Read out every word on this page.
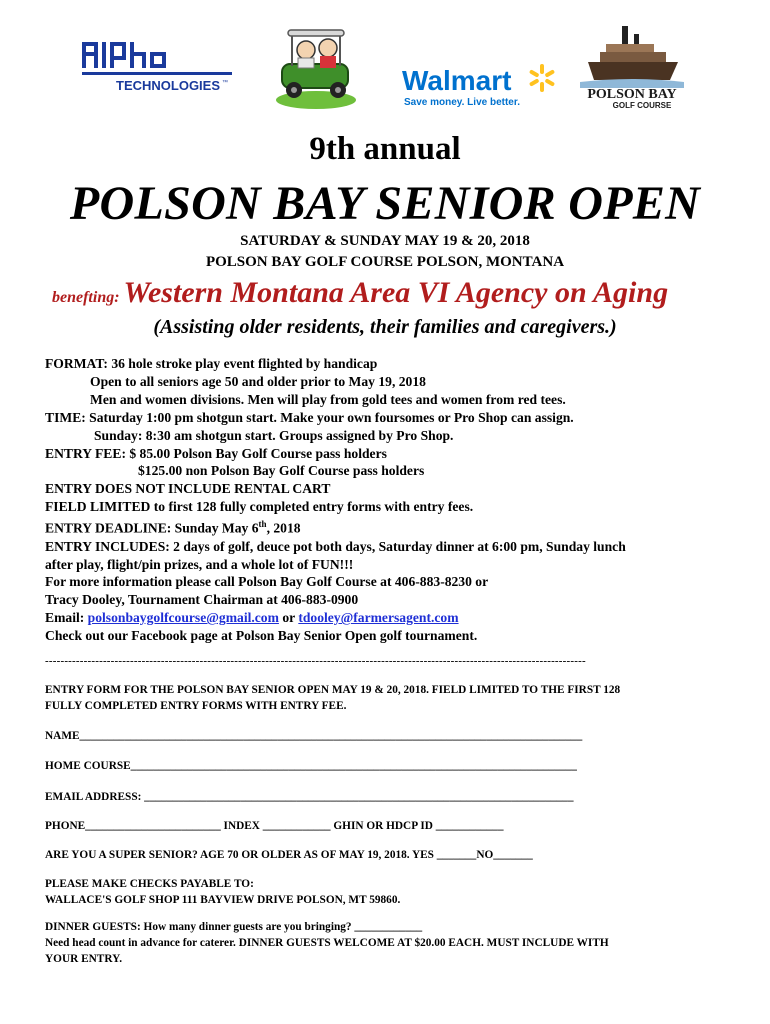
TECHNOLOGIES ™	Walmart
Save money. Live better.
POLSON BAY
GOLF COURSE
9th annual
POLSON BAY SENIOR OPEN
SATURDAY & SUNDAY MAY 19 & 20, 2018
POLSON BAY GOLF COURSE POLSON, MONTANA
benefting: Western Montana Area VI Agency on Aging
(Assisting older residents, their families and caregivers.)
FORMAT: 36 hole stroke play event flighted by handicap
Open to all seniors age 50 and older prior to May 19, 2018
Men and women divisions. Men will play from gold tees and women from red tees.
TIME: Saturday 1:00 pm shotgun start. Make your own foursomes or Pro Shop can assign.
Sunday: 8:30 am shotgun start. Groups assigned by Pro Shop.
ENTRY FEE: $ 85.00 Polson Bay Golf Course pass holders
$125.00 non Polson Bay Golf Course pass holders
ENTRY DOES NOT INCLUDE RENTAL CART
FIELD LIMITED to first 128 fully completed entry forms with entry fees.
ENTRY DEADLINE: Sunday May 6th, 2018
ENTRY INCLUDES: 2 days of golf, deuce pot both days, Saturday dinner at 6:00 pm, Sunday lunch
after play, flight/pin prizes, and a whole lot of FUN!!!
For more information please call Polson Bay Golf Course at 406-883-8230 or
Tracy Dooley, Tournament Chairman at 406-883-0900
Email: polsonbaygolfcourse@gmail.com or tdooley@farmersagent.com
Check out our Facebook page at Polson Bay Senior Open golf tournament.
--------------------------------------------------------------------------------------------------------------------------------------------
ENTRY FORM FOR THE POLSON BAY SENIOR OPEN MAY 19 & 20, 2018. FIELD LIMITED TO THE FIRST 128
FULLY COMPLETED ENTRY FORMS WITH ENTRY FEE.
NAME_________________________________________________________________________________________
HOME COURSE_______________________________________________________________________________
EMAIL ADDRESS: ____________________________________________________________________________
PHONE________________________ INDEX ____________ GHIN OR HDCP ID ____________
ARE YOU A SUPER SENIOR? AGE 70 OR OLDER AS OF MAY 19, 2018. YES _______NO_______
PLEASE MAKE CHECKS PAYABLE TO:
WALLACE'S GOLF SHOP 111 BAYVIEW DRIVE POLSON, MT 59860.
DINNER GUESTS: How many dinner guests are you bringing? ____________
Need head count in advance for caterer. DINNER GUESTS WELCOME AT $20.00 EACH. MUST INCLUDE WITH
YOUR ENTRY.
